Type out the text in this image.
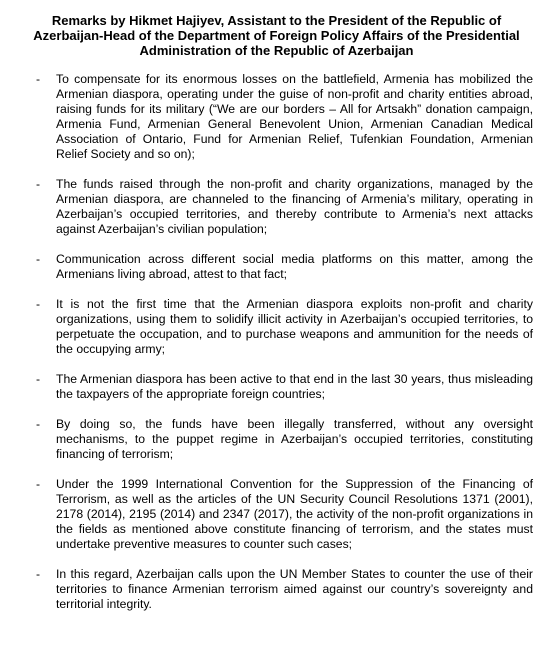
Remarks by Hikmet Hajiyev, Assistant to the President of the Republic of Azerbaijan-Head of the Department of Foreign Policy Affairs of the Presidential Administration of the Republic of Azerbaijan
-	To compensate for its enormous losses on the battlefield, Armenia has mobilized the Armenian diaspora, operating under the guise of non-profit and charity entities abroad, raising funds for its military (“We are our borders – All for Artsakh” donation campaign, Armenia Fund, Armenian General Benevolent Union, Armenian Canadian Medical Association of Ontario, Fund for Armenian Relief, Tufenkian Foundation, Armenian Relief Society and so on);
-	The funds raised through the non-profit and charity organizations, managed by the Armenian diaspora, are channeled to the financing of Armenia’s military, operating in Azerbaijan’s occupied territories, and thereby contribute to Armenia’s next attacks against Azerbaijan’s civilian population;
-	Communication across different social media platforms on this matter, among the Armenians living abroad, attest to that fact;
-	It is not the first time that the Armenian diaspora exploits non-profit and charity organizations, using them to solidify illicit activity in Azerbaijan’s occupied territories, to perpetuate the occupation, and to purchase weapons and ammunition for the needs of the occupying army;
-	The Armenian diaspora has been active to that end in the last 30 years, thus misleading the taxpayers of the appropriate foreign countries;
-	By doing so, the funds have been illegally transferred, without any oversight mechanisms, to the puppet regime in Azerbaijan’s occupied territories, constituting financing of terrorism;
-	Under the 1999 International Convention for the Suppression of the Financing of Terrorism, as well as the articles of the UN Security Council Resolutions 1371 (2001), 2178 (2014), 2195 (2014) and 2347 (2017), the activity of the non-profit organizations in the fields as mentioned above constitute financing of terrorism, and the states must undertake preventive measures to counter such cases;
-	In this regard, Azerbaijan calls upon the UN Member States to counter the use of their territories to finance Armenian terrorism aimed against our country’s sovereignty and territorial integrity.
